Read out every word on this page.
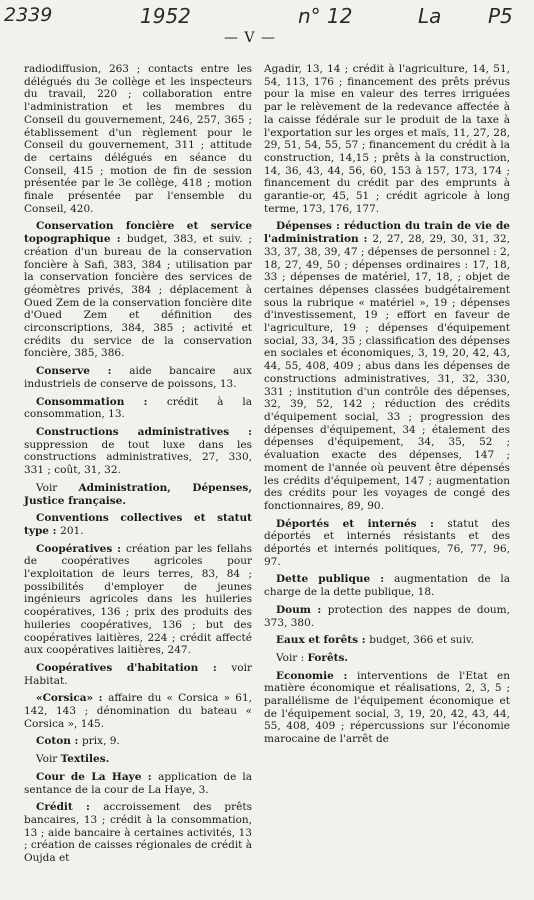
2339	1952	n° 12	La P5
— V —
radiodiffusion, 263 ; contacts entre les délégués du 3e collège et les inspecteurs du travail, 220 ; collaboration entre l'administration et les membres du Conseil du gouvernement, 246, 257, 365 ; établissement d'un règlement pour le Conseil du gouvernement, 311 ; attitude de certains délégués en séance du Conseil, 415 ; motion de fin de session présentée par le 3e collège, 418 ; motion finale présentée par l'ensemble du Conseil, 420.
Conservation foncière et service topographique : budget, 383, et suiv. ; création d'un bureau de la conservation foncière à Safi, 383, 384 ; utilisation par la conservation foncière des services de géomètres privés, 384 ; déplacement à Oued Zem de la conservation foncière dite d'Oued Zem et définition des circonscriptions, 384, 385 ; activité et crédits du service de la conservation foncière, 385, 386.
Conserve : aide bancaire aux industriels de conserve de poissons, 13.
Consommation : crédit à la consommation, 13.
Constructions administratives : suppression de tout luxe dans les constructions administratives, 27, 330, 331 ; coût, 31, 32.
Voir Administration, Dépenses, Justice française.
Conventions collectives et statut type : 201.
Coopératives : création par les fellahs de coopératives agricoles pour l'exploitation de leurs terres, 83, 84 ; possibilités d'employer de jeunes ingénieurs agricoles dans les huileries coopératives, 136 ; prix des produits des huileries coopératives, 136 ; but des coopératives laitières, 224 ; crédit affecté aux coopératives laitières, 247.
Coopératives d'habitation : voir Habitat.
«Corsica» : affaire du « Corsica » 61, 142, 143 ; dénomination du bateau « Corsica », 145.
Coton : prix, 9.
Voir Textiles.
Cour de La Haye : application de la sentance de la cour de La Haye, 3.
Crédit : accroissement des prêts bancaires, 13 ; crédit à la consommation, 13 ; aide bancaire à certaines activités, 13 ; création de caisses régionales de crédit à Oujda et
Agadir, 13, 14 ; crédit à l'agriculture, 14, 51, 54, 113, 176 ; financement des prêts prévus pour la mise en valeur des terres irriguées par le relèvement de la redevance affectée à la caisse fédérale sur le produit de la taxe à l'exportation sur les orges et maïs, 11, 27, 28, 29, 51, 54, 55, 57 ; financement du crédit à la construction, 14,15 ; prêts à la construction, 14, 36, 43, 44, 56, 60, 153 à 157, 173, 174 ; financement du crédit par des emprunts à garantie-or, 45, 51 ; crédit agricole à long terme, 173, 176, 177.
Dépenses : réduction du train de vie de l'administration : 2, 27, 28, 29, 30, 31, 32, 33, 37, 38, 39, 47 ; dépenses de personnel : 2, 18, 27, 49, 50 ; dépenses ordinaires : 17, 18, 33 ; dépenses de matériel, 17, 18, ; objet de certaines dépenses classées budgétairement sous la rubrique « matériel », 19 ; dépenses d'investissement, 19 ; effort en faveur de l'agriculture, 19 ; dépenses d'équipement social, 33, 34, 35 ; classification des dépenses en sociales et économiques, 3, 19, 20, 42, 43, 44, 55, 408, 409 ; abus dans les dépenses de constructions administratives, 31, 32, 330, 331 ; institution d'un contrôle des dépenses, 32, 39, 52, 142 ; réduction des crédits d'équipement social, 33 ; progression des dépenses d'équipement, 34 ; étalement des dépenses d'équipement, 34, 35, 52 ; évaluation exacte des dépenses, 147 ; moment de l'année où peuvent être dépensés les crédits d'équipement, 147 ; augmentation des crédits pour les voyages de congé des fonctionnaires, 89, 90.
Déportés et internés : statut des déportés et internés résistants et des déportés et internés politiques, 76, 77, 96, 97.
Dette publique : augmentation de la charge de la dette publique, 18.
Doum : protection des nappes de doum, 373, 380.
Eaux et forêts : budget, 366 et suiv.
Voir : Forêts.
Economie : interventions de l'Etat en matière économique et réalisations, 2, 3, 5 ; parallélisme de l'équipement économique et de l'équipement social, 3, 19, 20, 42, 43, 44, 55, 408, 409 ; répercussions sur l'économie marocaine de l'arrêt de
